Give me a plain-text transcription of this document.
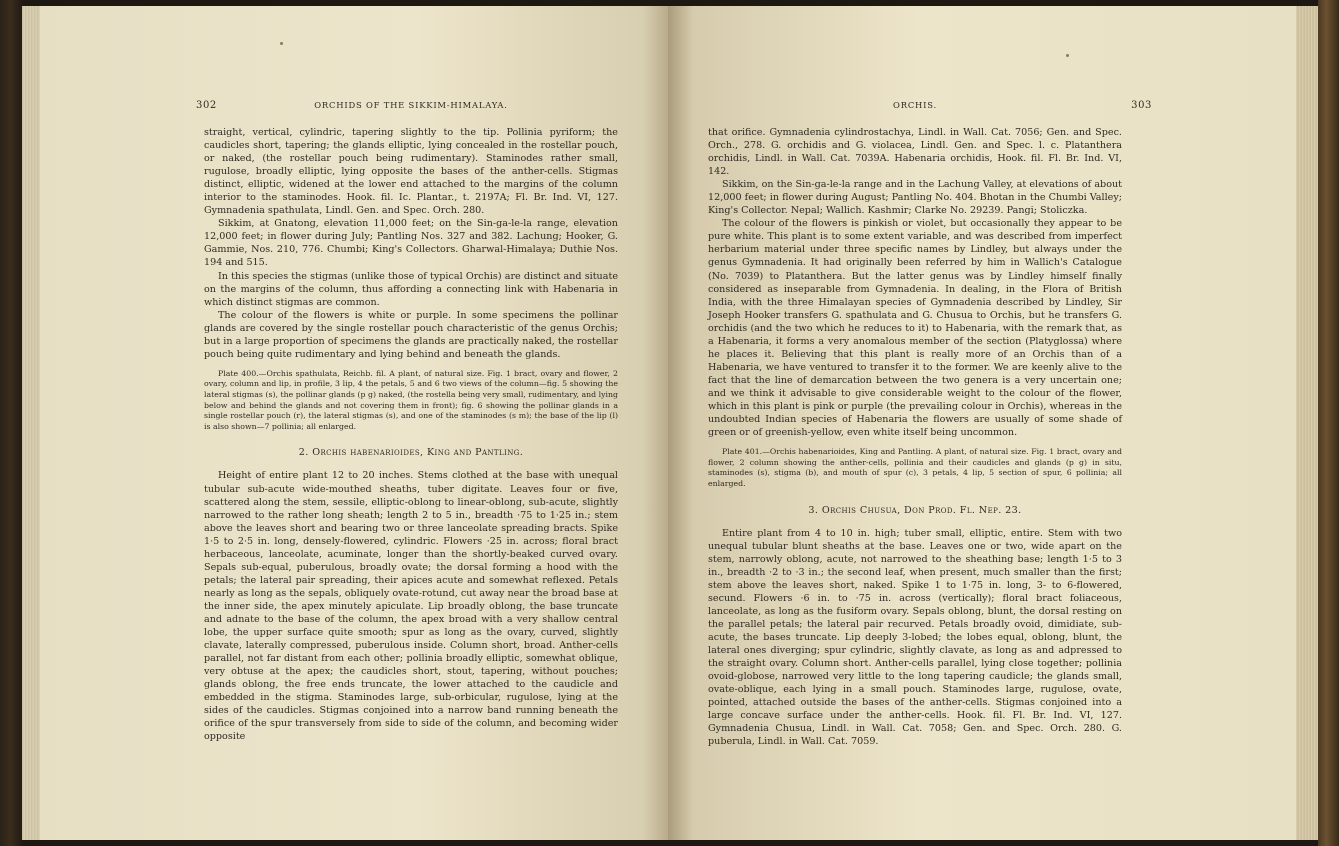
302	ORCHIDS OF THE SIKKIM-HIMALAYA.

straight, vertical, cylindric, tapering slightly to the tip. Pollinia pyriform; the caudicles short, tapering; the glands elliptic, lying concealed in the rostellar pouch, or naked, (the rostellar pouch being rudimentary). Staminodes rather small, rugulose, broadly elliptic, lying opposite the bases of the anther-cells. Stigmas distinct, elliptic, widened at the lower end attached to the margins of the column interior to the staminodes. Hook. fil. Ic. Plantar., t. 2197A; Fl. Br. Ind. VI, 127. Gymnadenia spathulata, Lindl. Gen. and Spec. Orch. 280.

Sikkim, at Gnatong, elevation 11,000 feet; on the Sin-ga-le-la range, elevation 12,000 feet; in flower during July; Pantling Nos. 327 and 382. Lachung; Hooker, G. Gammie, Nos. 210, 776. Chumbi; King's Collectors. Gharwal-Himalaya; Duthie Nos. 194 and 515.

In this species the stigmas (unlike those of typical Orchis) are distinct and situate on the margins of the column, thus affording a connecting link with Habenaria in which distinct stigmas are common.

The colour of the flowers is white or purple. In some specimens the pollinar glands are covered by the single rostellar pouch characteristic of the genus Orchis; but in a large proportion of specimens the glands are practically naked, the rostellar pouch being quite rudimentary and lying behind and beneath the glands.

Plate 400.—Orchis spathulata, Reichb. fil. A plant, of natural size. Fig. 1 bract, ovary and flower, 2 ovary, column and lip, in profile, 3 lip, 4 the petals, 5 and 6 two views of the column—fig. 5 showing the lateral stigmas (s), the pollinar glands (p g) naked, (the rostella being very small, rudimentary, and lying below and behind the glands and not covering them in front); fig. 6 showing the pollinar glands in a single rostellar pouch (r), the lateral stigmas (s), and one of the staminodes (s m); the base of the lip (l) is also shown—7 pollinia; all enlarged.

2. Orchis habenarioides, King and Pantling.

Height of entire plant 12 to 20 inches. Stems clothed at the base with unequal tubular sub-acute wide-mouthed sheaths, tuber digitate. Leaves four or five, scattered along the stem, sessile, elliptic-oblong to linear-oblong, sub-acute, slightly narrowed to the rather long sheath; length 2 to 5 in., breadth ·75 to 1·25 in.; stem above the leaves short and bearing two or three lanceolate spreading bracts. Spike 1·5 to 2·5 in. long, densely-flowered, cylindric. Flowers ·25 in. across; floral bract herbaceous, lanceolate, acuminate, longer than the shortly-beaked curved ovary. Sepals sub-equal, puberulous, broadly ovate; the dorsal forming a hood with the petals; the lateral pair spreading, their apices acute and somewhat reflexed. Petals nearly as long as the sepals, obliquely ovate-rotund, cut away near the broad base at the inner side, the apex minutely apiculate. Lip broadly oblong, the base truncate and adnate to the base of the column, the apex broad with a very shallow central lobe, the upper surface quite smooth; spur as long as the ovary, curved, slightly clavate, laterally compressed, puberulous inside. Column short, broad. Anther-cells parallel, not far distant from each other; pollinia broadly elliptic, somewhat oblique, very obtuse at the apex; the caudicles short, stout, tapering, without pouches; glands oblong, the free ends truncate, the lower attached to the caudicle and embedded in the stigma. Staminodes large, sub-orbicular, rugulose, lying at the sides of the caudicles. Stigmas conjoined into a narrow band running beneath the orifice of the spur transversely from side to side of the column, and becoming wider opposite

ORCHIS.	303

that orifice. Gymnadenia cylindrostachya, Lindl. in Wall. Cat. 7056; Gen. and Spec. Orch., 278. G. orchidis and G. violacea, Lindl. Gen. and Spec. l. c. Platanthera orchidis, Lindl. in Wall. Cat. 7039A. Habenaria orchidis, Hook. fil. Fl. Br. Ind. VI, 142.

Sikkim, on the Sin-ga-le-la range and in the Lachung Valley, at elevations of about 12,000 feet; in flower during August; Pantling No. 404. Bhotan in the Chumbi Valley; King's Collector. Nepal; Wallich. Kashmir; Clarke No. 29239. Pangi; Stoliczka.

The colour of the flowers is pinkish or violet, but occasionally they appear to be pure white. This plant is to some extent variable, and was described from imperfect herbarium material under three specific names by Lindley, but always under the genus Gymnadenia. It had originally been referred by him in Wallich's Catalogue (No. 7039) to Platanthera. But the latter genus was by Lindley himself finally considered as inseparable from Gymnadenia. In dealing, in the Flora of British India, with the three Himalayan species of Gymnadenia described by Lindley, Sir Joseph Hooker transfers G. spathulata and G. Chusua to Orchis, but he transfers G. orchidis (and the two which he reduces to it) to Habenaria, with the remark that, as a Habenaria, it forms a very anomalous member of the section (Platyglossa) where he places it. Believing that this plant is really more of an Orchis than of a Habenaria, we have ventured to transfer it to the former. We are keenly alive to the fact that the line of demarcation between the two genera is a very uncertain one; and we think it advisable to give considerable weight to the colour of the flower, which in this plant is pink or purple (the prevailing colour in Orchis), whereas in the undoubted Indian species of Habenaria the flowers are usually of some shade of green or of greenish-yellow, even white itself being uncommon.

Plate 401.—Orchis habenarioides, King and Pantling. A plant, of natural size. Fig. 1 bract, ovary and flower, 2 column showing the anther-cells, pollinia and their caudicles and glands (p g) in situ, staminodes (s), stigma (b), and mouth of spur (c), 3 petals, 4 lip, 5 section of spur, 6 pollinia; all enlarged.

3. Orchis Chusua, Don Prod. Fl. Nep. 23.

Entire plant from 4 to 10 in. high; tuber small, elliptic, entire. Stem with two unequal tubular blunt sheaths at the base. Leaves one or two, wide apart on the stem, narrowly oblong, acute, not narrowed to the sheathing base; length 1·5 to 3 in., breadth ·2 to ·3 in.; the second leaf, when present, much smaller than the first; stem above the leaves short, naked. Spike 1 to 1·75 in. long, 3- to 6-flowered, secund. Flowers ·6 in. to ·75 in. across (vertically); floral bract foliaceous, lanceolate, as long as the fusiform ovary. Sepals oblong, blunt, the dorsal resting on the parallel petals; the lateral pair recurved. Petals broadly ovoid, dimidiate, sub-acute, the bases truncate. Lip deeply 3-lobed; the lobes equal, oblong, blunt, the lateral ones diverging; spur cylindric, slightly clavate, as long as and adpressed to the straight ovary. Column short. Anther-cells parallel, lying close together; pollinia ovoid-globose, narrowed very little to the long tapering caudicle; the glands small, ovate-oblique, each lying in a small pouch. Staminodes large, rugulose, ovate, pointed, attached outside the bases of the anther-cells. Stigmas conjoined into a large concave surface under the anther-cells. Hook. fil. Fl. Br. Ind. VI, 127. Gymnadenia Chusua, Lindl. in Wall. Cat. 7058; Gen. and Spec. Orch. 280. G. puberula, Lindl. in Wall. Cat. 7059.
